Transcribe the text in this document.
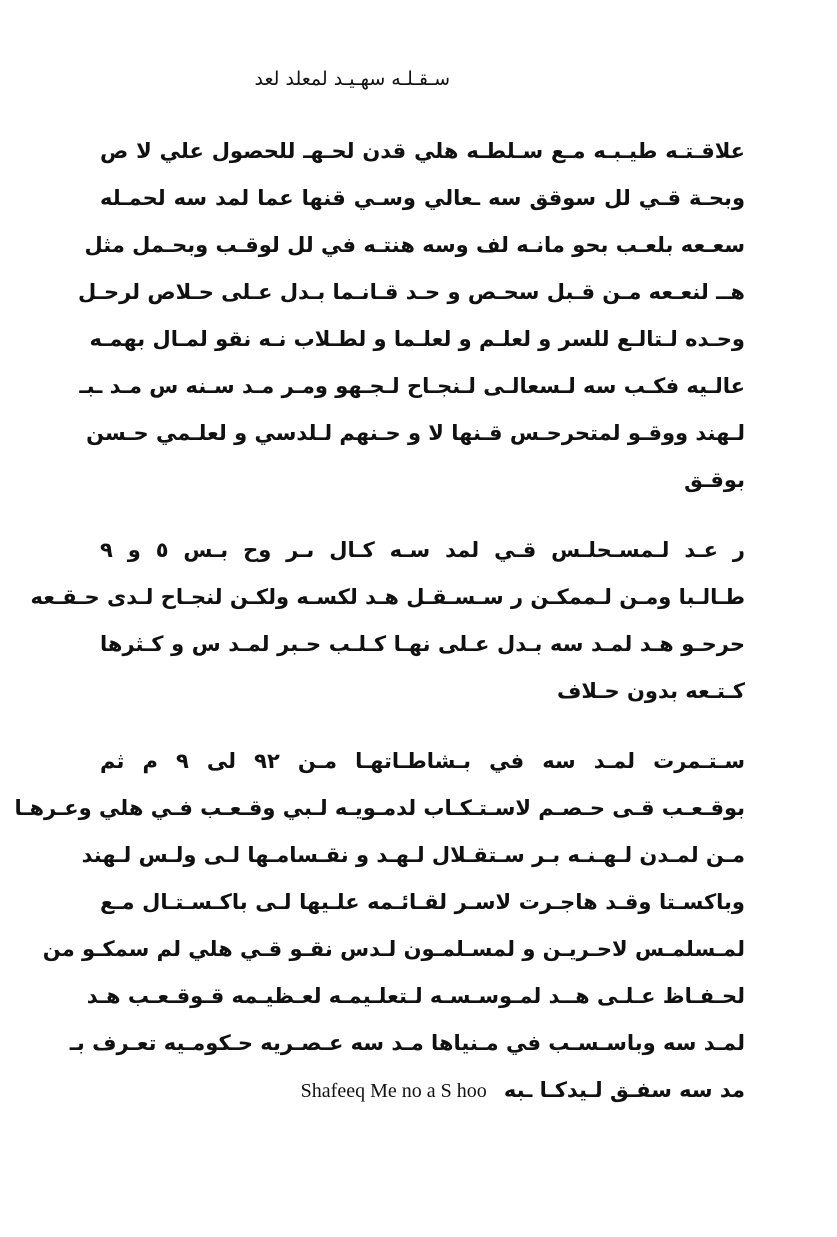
سـقـلـه سهـيـد لمعلد لعد
علاقـتـه طيـبـه مـع سـلطـه هلي قدن لحـهـ للحصول علي لا ص
وبحـة قـي لل سوقق سه ـعالي وسـي قنها عما لمد سه لحمـله
سعـعه بلعـب بحو مانـه لف وسه هنتـه في لل لوقـب وبحـمل مثل
هــ لنعـعه مـن قـبل سحـص و حـد قـانـما بـدل عـلى حـلاص لرحـل
وحـده لـتالـع للسر و لعلـم و لعلـما و لطـلاب نـه نقو لمـال بهمـه
عالـيه فكـب سه لـسعالـى لـنجـاح لـجـهو ومـر مـد سـنه س مـد ـبـ
لـهند ووقـو لمتحرحـس قـنها لا و حـنهم لـلدسي و لعلـمي حـسن
بوقـق
ر عـد لـمسـحلـس قـي لمد سـه كـال ىـر وح بـس ٥ و ٩
طـالـبا ومـن لـممكـن ر سـسـقـل هـد لكسـه ولكـن لنجـاح لـدى حـقـعه
حرحـو هـد لمـد سه بـدل عـلى نهـا كـلـب حـبر لمـد س و كـثرها
كـتـعه بدون حـلاف
سـتـمرت لمـد سه في بـشاطـاتهـا مـن ٩٢ لى ٩ م ثم
بوقـعـب قـى حـصـم لاسـتـكـاب لدمـويـه لـبي وقـعـب فـي هلي وعـرهـا
مـن لمـدن لـهـنـه بـر سـتقـلال لـهـد و نقـسامـها لـى ولـس لـهند
وباكسـتا وقـد هاجـرت لاسـر لقـائـمه علـيها لـى باكـسـتـال مـع
لمـسلمـس لاحـريـن و لمسـلمـون لـدس نقـو قـي هلي لم سمكـو من
لحـفـاظ عـلـى هــد لمـوسـسـه لـتعلـيمـه لعـظيـمه قـوقـعـب هـد
لمـد سه وباسـسـب في مـنياها مـد سه عـصـريه حـكومـيه تعـرف بـ
مد سه سفـق لـيدكـا ـبه Shafeeq Me no a S hoo
